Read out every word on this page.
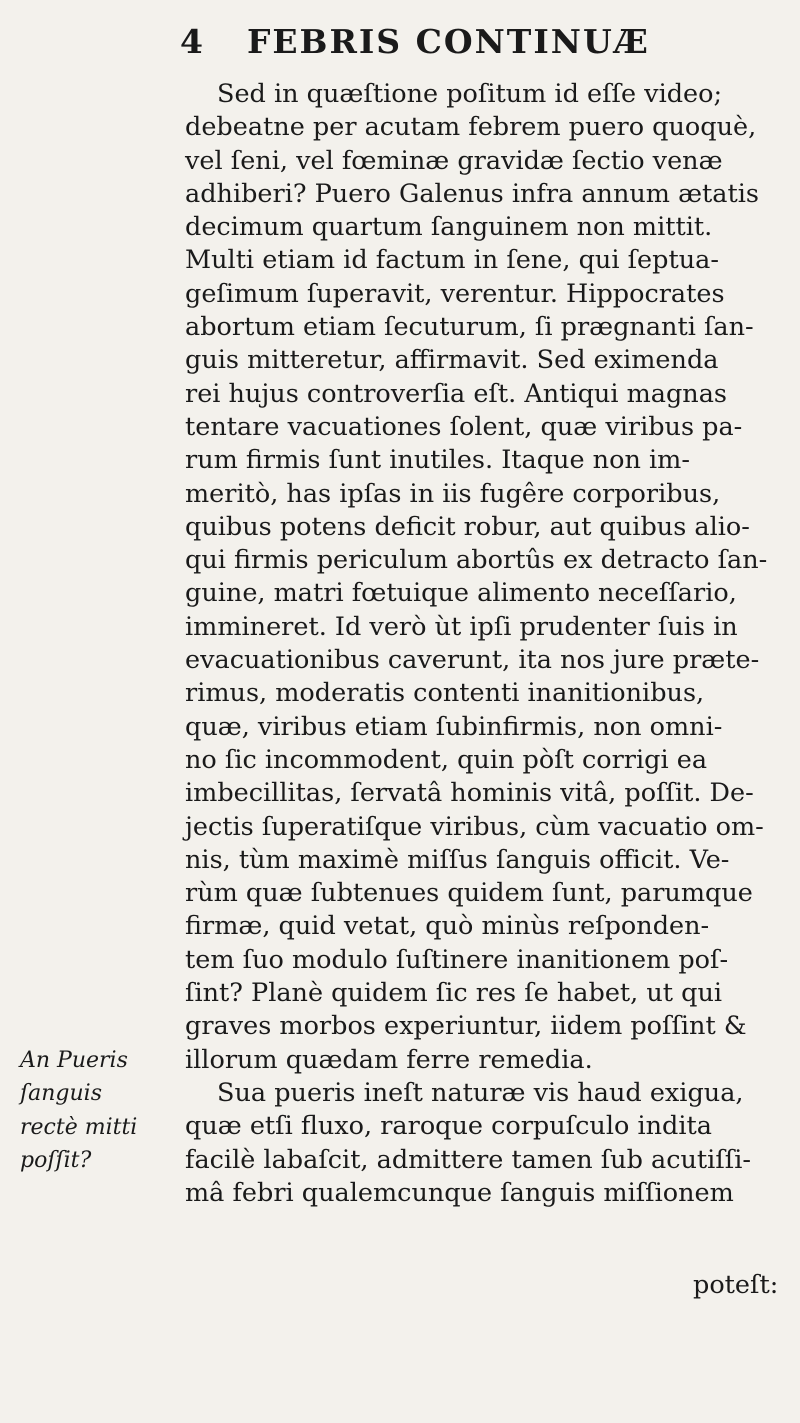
4 FEBRIS CONTINUÆ
Sed in quæſtione poſitum id eſſe video;
debeatne per acutam febrem puero quoquè,
vel ſeni, vel fœminæ gravidæ ſectio venæ
adhiberi? Puero Galenus infra annum ætatis
decimum quartum ſanguinem non mittit.
Multi etiam id factum in ſene, qui ſeptua-
geſimum ſuperavit, verentur. Hippocrates
abortum etiam ſecuturum, ſi prægnanti ſan-
guis mitteretur, affirmavit. Sed eximenda
rei hujus controverſia eſt. Antiqui magnas
tentare vacuationes ſolent, quæ viribus pa-
rum firmis ſunt inutiles. Itaque non im-
meritò, has ipſas in iis fugêre corporibus,
quibus potens deficit robur, aut quibus alio-
qui firmis periculum abortûs ex detracto ſan-
guine, matri fœtuique alimento neceſſario,
immineret. Id verò ùt ipſi prudenter ſuis in
evacuationibus caverunt, ita nos jure præte-
rimus, moderatis contenti inanitionibus,
quæ, viribus etiam ſubinfirmis, non omni-
no ſic incommodent, quin pòſt corrigi ea
imbecillitas, ſervatâ hominis vitâ, poſſit. De-
jectis ſuperatiſque viribus, cùm vacuatio om-
nis, tùm maximè miſſus ſanguis officit. Ve-
rùm quæ ſubtenues quidem ſunt, parumque
firmæ, quid vetat, quò minùs reſponden-
tem ſuo modulo ſuſtinere inanitionem poſ-
ſint? Planè quidem ſic res ſe habet, ut qui
graves morbos experiuntur, iidem poſſint &
illorum quædam ferre remedia.
Sua pueris ineſt naturæ vis haud exigua,
quæ etſi fluxo, raroque corpuſculo indita
facilè labaſcit, admittere tamen ſub acutiſſi-
mâ febri qualemcunque ſanguis miſſionem
An Pueris
ſanguis
rectè mitti
poſſit?
poteſt:
